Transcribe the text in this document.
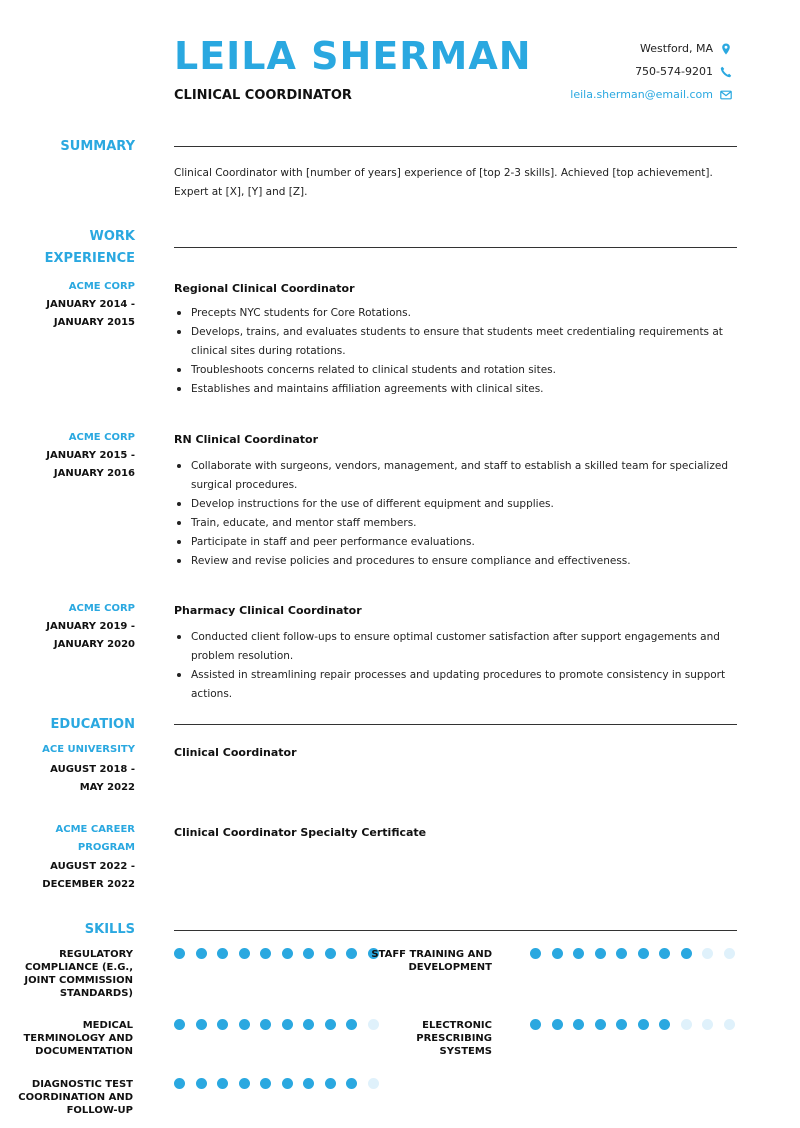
LEILA SHERMAN
CLINICAL COORDINATOR
Westford, MA
750-574-9201
leila.sherman@email.com
SUMMARY
Clinical Coordinator with [number of years] experience of [top 2-3 skills]. Achieved [top achievement]. Expert at [X], [Y] and [Z].
WORK
EXPERIENCE
ACME CORP
JANUARY 2014 -
JANUARY 2015
Regional Clinical Coordinator
Precepts NYC students for Core Rotations.
Develops, trains, and evaluates students to ensure that students meet credentialing requirements at clinical sites during rotations.
Troubleshoots concerns related to clinical students and rotation sites.
Establishes and maintains affiliation agreements with clinical sites.
ACME CORP
JANUARY 2015 -
JANUARY 2016
RN Clinical Coordinator
Collaborate with surgeons, vendors, management, and staff to establish a skilled team for specialized surgical procedures.
Develop instructions for the use of different equipment and supplies.
Train, educate, and mentor staff members.
Participate in staff and peer performance evaluations.
Review and revise policies and procedures to ensure compliance and effectiveness.
ACME CORP
JANUARY 2019 -
JANUARY 2020
Pharmacy Clinical Coordinator
Conducted client follow-ups to ensure optimal customer satisfaction after support engagements and problem resolution.
Assisted in streamlining repair processes and updating procedures to promote consistency in support actions.
EDUCATION
ACE UNIVERSITY
AUGUST 2018 -
MAY 2022
Clinical Coordinator
ACME CAREER
PROGRAM
AUGUST 2022 -
DECEMBER 2022
Clinical Coordinator Specialty Certificate
SKILLS
REGULATORY COMPLIANCE (E.G., JOINT COMMISSION STANDARDS)
STAFF TRAINING AND DEVELOPMENT
MEDICAL TERMINOLOGY AND DOCUMENTATION
ELECTRONIC PRESCRIBING SYSTEMS
DIAGNOSTIC TEST COORDINATION AND FOLLOW-UP
